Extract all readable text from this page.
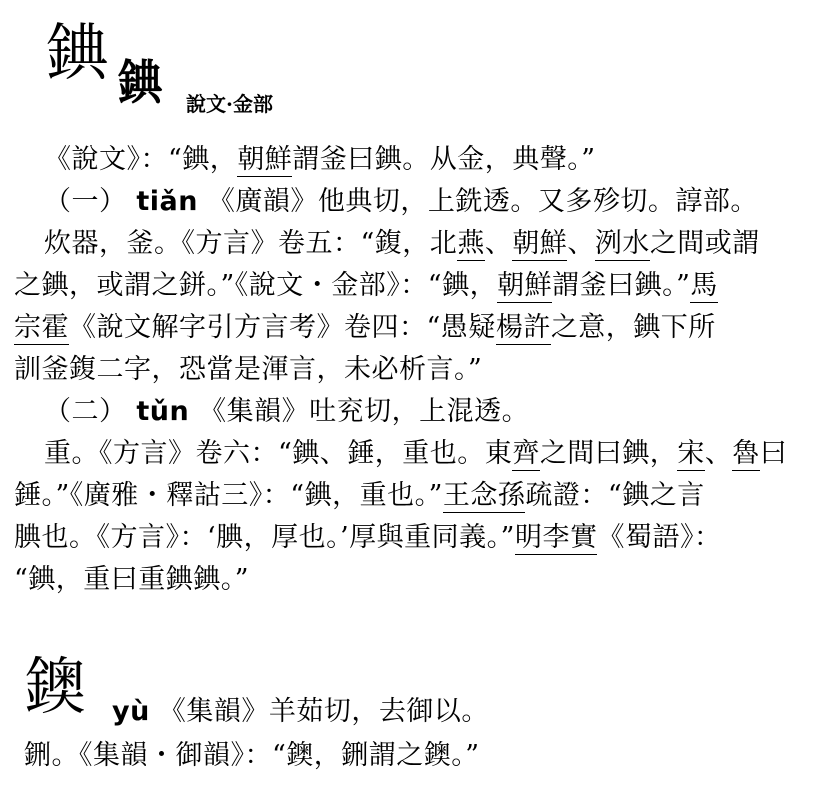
錪 錪 說文·金部
《說文》：“錪，朝鮮謂釜曰錪。从金，典聲。”
（一） tiǎn 《廣韻》他典切，上銑透。又多殄切。諄部。
炊器，釜。《方言》卷五：“鍑，北燕、朝鮮、洌水之間或謂
之錪，或謂之鉼。”《說文・金部》：“錪，朝鮮謂釜曰錪。”馬
宗霍《說文解字引方言考》卷四：“愚疑楊許之意，錪下所
訓釜鍑二字，恐當是渾言，未必析言。”
（二） tǔn 《集韻》吐兖切，上混透。
重。《方言》卷六：“錪、錘，重也。東齊之間曰錪，宋、魯曰
錘。”《廣雅・釋詁三》：“錪，重也。”王念孫疏證：“錪之言
腆也。《方言》：‘腆，厚也。’厚與重同義。”明李實《蜀語》：
“錪，重曰重錪錪。”
鐭 yù 《集韻》羊茹切，去御以。
鉶。《集韻・御韻》：“鐭，鉶謂之鐭。”
